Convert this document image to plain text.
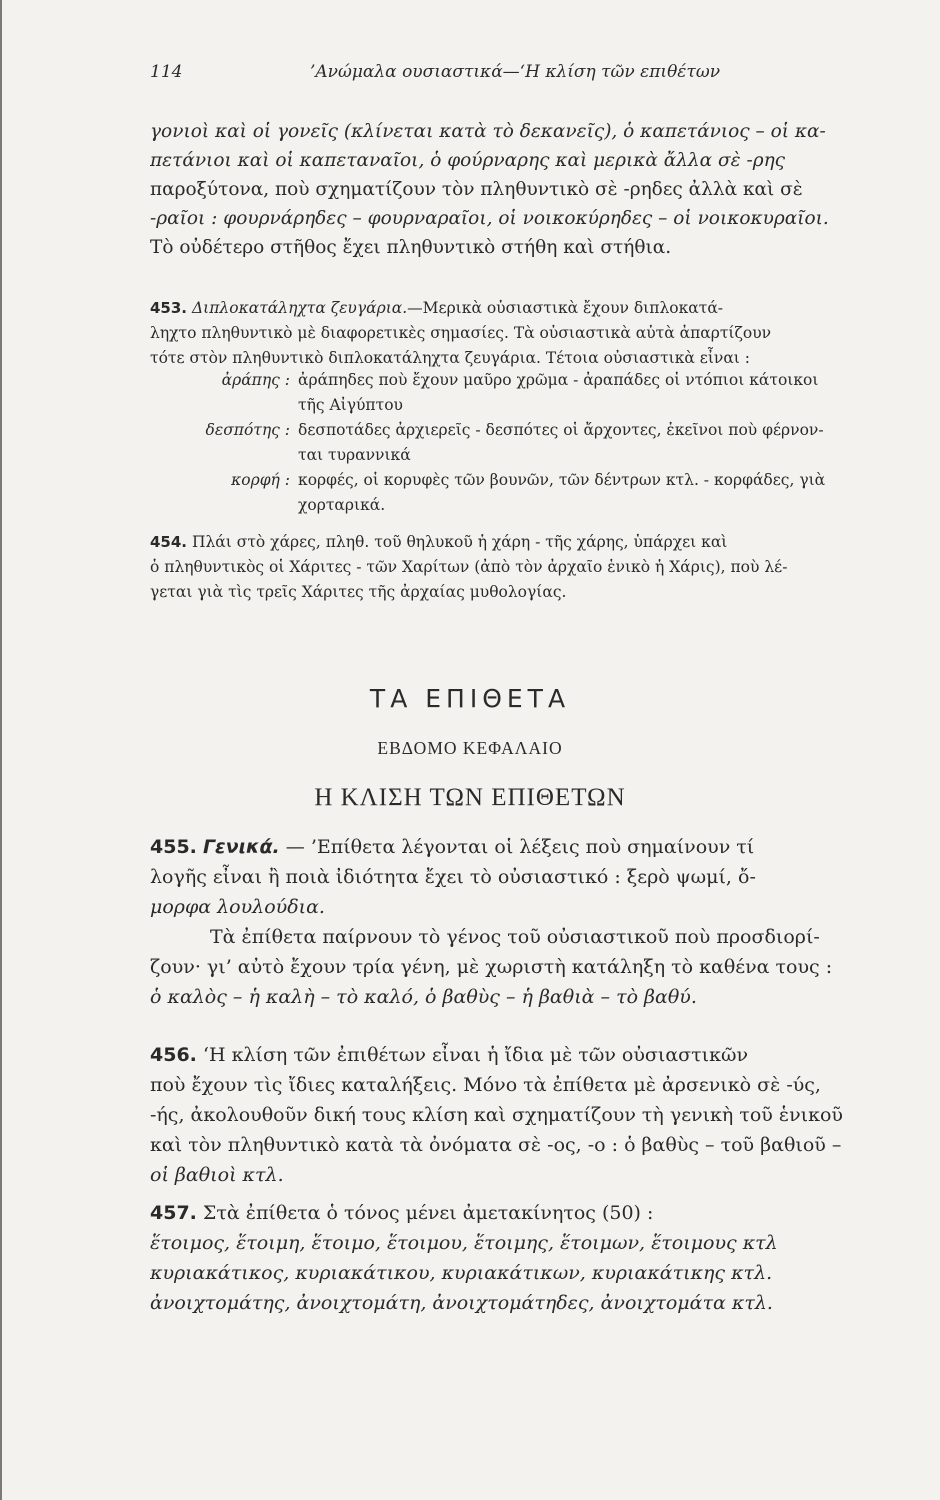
114	’Ανώμαλα ουσιαστικά—‘Η κλίση τῶν επιθέτων
γονιοὶ καὶ οἱ γονεῖς (κλίνεται κατὰ τὸ δεκανεῖς), ὁ καπετάνιος – οἱ κα-
πετάνιοι καὶ οἱ καπεταναῖοι, ὁ φούρναρης καὶ μερικὰ ἄλλα σὲ -ρης
παροξύτονα, ποὺ σχηματίζουν τὸν πληθυντικὸ σὲ -ρηδες ἀλλὰ καὶ σὲ
-ραῖοι : φουρνάρηδες – φουρναραῖοι, οἱ νοικοκύρηδες – οἱ νοικοκυραῖοι.
Τὸ οὐδέτερο στῆθος ἔχει πληθυντικὸ στήθη καὶ στήθια.
453. Διπλοκατάληχτα ζευγάρια.—Μερικὰ οὐσιαστικὰ ἔχουν διπλοκατά-
ληχτο πληθυντικὸ μὲ διαφορετικὲς σημασίες. Τὰ οὐσιαστικὰ αὐτὰ ἀπαρτίζουν
τότε στὸν πληθυντικὸ διπλοκατάληχτα ζευγάρια. Τέτοια οὐσιαστικὰ εἶναι :
ἀράπης : ἀράπηδες ποὺ ἔχουν μαῦρο χρῶμα - ἀραπάδες οἱ ντόπιοι κάτοικοι
τῆς Αἰγύπτου
δεσπότης : δεσποτάδες ἀρχιερεῖς - δεσπότες οἱ ἄρχοντες, ἐκεῖνοι ποὺ φέρνον-
ται τυραννικά
κορφή : κορφές, οἱ κορυφὲς τῶν βουνῶν, τῶν δέντρων κτλ. - κορφάδες, γιὰ
χορταρικά.
454. Πλάι στὸ χάρες, πληθ. τοῦ θηλυκοῦ ἡ χάρη - τῆς χάρης, ὑπάρχει καὶ
ὁ πληθυντικὸς οἱ Χάριτες - τῶν Χαρίτων (ἀπὸ τὸν ἀρχαῖο ἑνικὸ ἡ Χάρις), ποὺ λέ-
γεται γιὰ τὶς τρεῖς Χάριτες τῆς ἀρχαίας μυθολογίας.
ΤΑ ΕΠΙΘΕΤΑ
ΕΒΔΟΜΟ ΚΕΦΑΛΑΙΟ
Η ΚΛΙΣΗ ΤΩΝ ΕΠΙΘΕΤΩΝ
455. Γενικά. — ’Επίθετα λέγονται οἱ λέξεις ποὺ σημαίνουν τί
λογῆς εἶναι ἢ ποιὰ ἰδιότητα ἔχει τὸ οὐσιαστικό : ξερὸ ψωμί, ὄ-
μορφα λουλούδια.
Τὰ ἐπίθετα παίρνουν τὸ γένος τοῦ οὐσιαστικοῦ ποὺ προσδιορί-
ζουν· γι’ αὐτὸ ἔχουν τρία γένη, μὲ χωριστὴ κατάληξη τὸ καθένα τους :
ὁ καλὸς – ἡ καλὴ – τὸ καλό, ὁ βαθὺς – ἡ βαθιὰ – τὸ βαθύ.
456. ‘Η κλίση τῶν ἐπιθέτων εἶναι ἡ ἴδια μὲ τῶν οὐσιαστικῶν
ποὺ ἔχουν τὶς ἴδιες καταλήξεις. Μόνο τὰ ἐπίθετα μὲ ἀρσενικὸ σὲ -ύς,
-ής, ἀκολουθοῦν δική τους κλίση καὶ σχηματίζουν τὴ γενικὴ τοῦ ἑνικοῦ
καὶ τὸν πληθυντικὸ κατὰ τὰ ὀνόματα σὲ -ος, -ο : ὁ βαθὺς – τοῦ βαθιοῦ –
οἱ βαθιοὶ κτλ.
457. Στὰ ἐπίθετα ὁ τόνος μένει ἀμετακίνητος (50) :
ἕτοιμος, ἕτοιμη, ἕτοιμο, ἕτοιμου, ἕτοιμης, ἕτοιμων, ἕτοιμους κτλ
κυριακάτικος, κυριακάτικου, κυριακάτικων, κυριακάτικης κτλ.
ἀνοιχτομάτης, ἀνοιχτομάτη, ἀνοιχτομάτηδες, ἀνοιχτομάτα κτλ.
